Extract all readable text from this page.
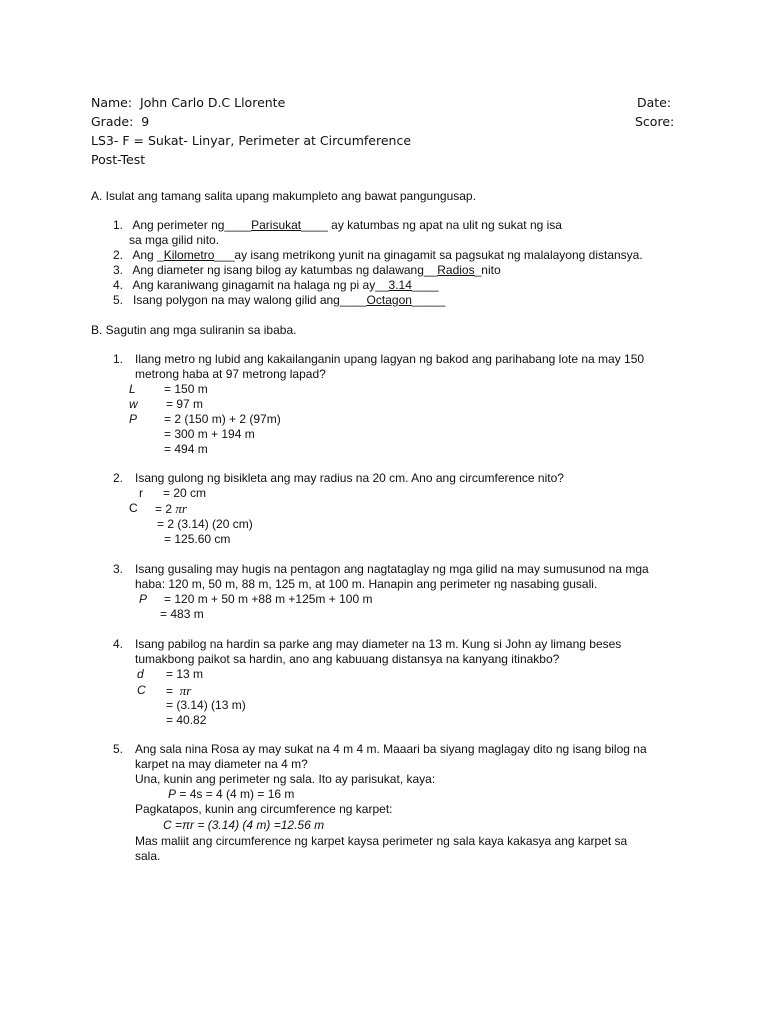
Name: John Carlo D.C Llorente	Date:
Grade: 9	Score:
LS3- F = Sukat- Linyar, Perimeter at Circumference
Post-Test
A. Isulat ang tamang salita upang makumpleto ang bawat pangungusap.
1. Ang perimeter ng____Parisukat____ ay katumbas ng apat na ulit ng sukat ng isa
sa mga gilid nito.
2. Ang _Kilometro___ay isang metrikong yunit na ginagamit sa pagsukat ng malalayong distansya.
3. Ang diameter ng isang bilog ay katumbas ng dalawang__Radios_nito
4. Ang karaniwang ginagamit na halaga ng pi ay__3.14____
5. Isang polygon na may walong gilid ang____Octagon_____
B. Sagutin ang mga suliranin sa ibaba.
1. Ilang metro ng lubid ang kakailanganin upang lagyan ng bakod ang parihabang lote na may 150
metrong haba at 97 metrong lapad?
L = 150 m
w = 97 m
P = 2 (150 m) + 2 (97m)
= 300 m + 194 m
= 494 m
2. Isang gulong ng bisikleta ang may radius na 20 cm. Ano ang circumference nito?
r = 20 cm
C = 2 πr
= 2 (3.14) (20 cm)
= 125.60 cm
3. Isang gusaling may hugis na pentagon ang nagtataglay ng mga gilid na may sumusunod na mga
haba: 120 m, 50 m, 88 m, 125 m, at 100 m. Hanapin ang perimeter ng nasabing gusali.
P = 120 m + 50 m +88 m +125m + 100 m
= 483 m
4. Isang pabilog na hardin sa parke ang may diameter na 13 m. Kung si John ay limang beses
tumakbong paikot sa hardin, ano ang kabuuang distansya na kanyang itinakbo?
d = 13 m
C =  πr
= (3.14) (13 m)
= 40.82
5. Ang sala nina Rosa ay may sukat na 4 m 4 m. Maaari ba siyang maglagay dito ng isang bilog na
karpet na may diameter na 4 m?
Una, kunin ang perimeter ng sala. Ito ay parisukat, kaya:
P = 4s = 4 (4 m) = 16 m
Pagkatapos, kunin ang circumference ng karpet:
C =πr = (3.14) (4 m) =12.56 m
Mas maliit ang circumference ng karpet kaysa perimeter ng sala kaya kakasya ang karpet sa
sala.
